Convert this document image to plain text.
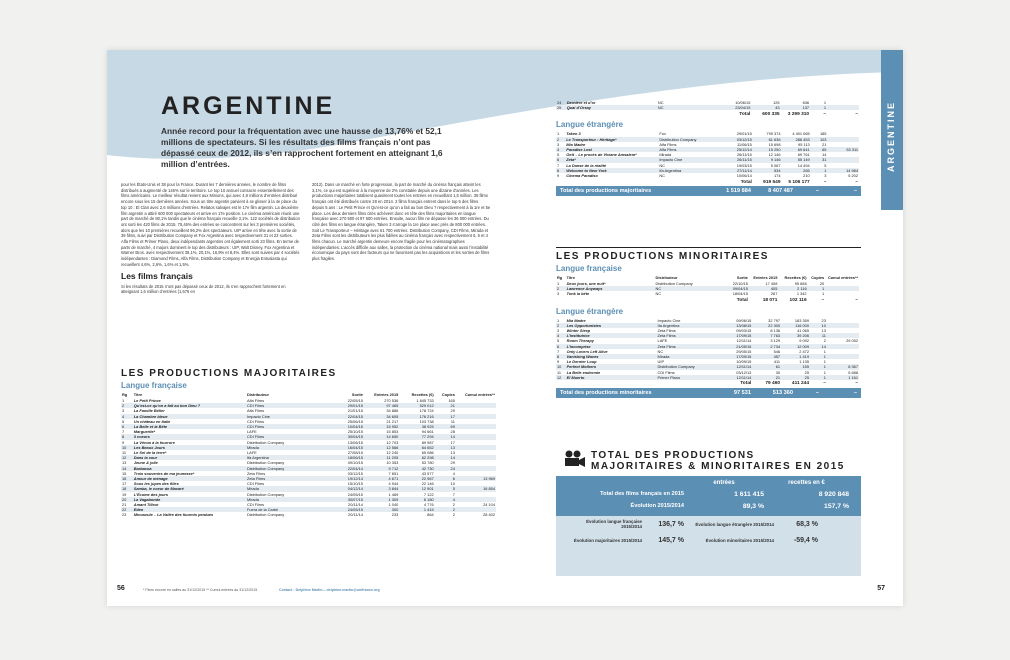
ARGENTINE

Année record pour la fréquentation avec une hausse de 13,76% et 52,1 millions de spectateurs. Si les résultats des films français n’ont pas dépassé ceux de 2012, ils s’en rapprochent fortement en atteignant 1,6 million d’entrées.

pour les États-Unis et 38 pour la France. Durant les 7 dernières années, le nombre de films distribués a augmenté de 146% sur le territoire. Le top 10 annuel consacre essentiellement des films américains. Le meilleur résultat revient aux Minions, qui avec 4,9 millions d’entrées distribué encore sous les 15 dernières années. Sous un titre argentin parvient à se glisser à la 4e place du top 10 : El Clan avec 2,6 millions d’entrées. Relatos salvajes est le 17e film argentin. La deuxième film argentin a attiré 600 000 spectateurs et arrive en 17e position. Le cinéma américain réunit une part de marché de 80,1% tandis que le cinéma français recueille 3,1%. 122 sociétés de distribution ont sorti les 420 films de 2015. 75,46% des entrées se concentrent sur les 3 premières sociétés, alors que les 10 premières recueillent 96,2% des spectateurs. UIP arrive en tête avec la sortie de 39 films, suivi par Distribution Company et Fox Argentina avec respectivement 31 et 23 sorties. Alfa Films et Primer Plano, deux indépendants argentins ont également sorti 23 films. En terme de parts de marché, 4 majors dominent le top des distributeurs : UIP, Walt Disney, Fox Argentina et Warner Bros. avec respectivement 39,1%, 20,1%, 16,9% et 8,4%. Elles sont suivies par 4 sociétés indépendantes : Diamond Films, Alfa Films, Distribution Company et Energia Entusiasta qui recueillent 4,6%, 2,6%, 1,6% et 1,5%.

Les films français

Si les résultats de 2015 n’ont pas dépassé ceux de 2012, ils s’en rapprochent fortement en atteignant 1,6 million d’entrées (1,676 en

2012). Dans un marché en forte progression, la part de marché du cinéma français atteint les 3,1%, ce qui est supérieur à la moyenne de 2% constatée depuis une dizaine d’années. Les productions majoritaires totalisent quasiment toutes les entrées en recueillant 1,5 million. 38 films français ont été distribués contre 28 en 2014. 2 films français entrent dans le top 5 des films depuis 5 ans : Le Petit Prince et Qu’est-ce qu’on a fait au bon Dieu ? respectivement à la 1re et 5e place. Les deux derniers films cités achèvent donc en tête des films majoritaires en langue française avec 270 500 et 97 600 entrées. Ensuite, aucun film ne dépasse les 36 000 entrées. Du côté des films en langue étrangère, Taken 3 s’arroge la 1re place avec près de 800 000 entrées. Soit Le Transporteur – Héritage avec 61 700 entrées. Distribution Company, CDI Films, Mirada et Zeta Films sont les distributeurs les plus fidèles au cinéma français avec respectivement 6, 5 et 4 films chacun. Le marché argentin demeure encore fragile pour les cinématographies indépendantes. L’accès difficile aux salles, la protection du cinéma national mais aussi l’instabilité économique du pays sont des facteurs qui ne favorisent pas les acquisitions et les sorties de films plus fragiles.

LES PRODUCTIONS MAJORITAIRES
Langue française
Rg	Titre	Distributeur	Sortie	Entrées 2015	Recettes (€)	Copies	Cumul entrées**
1	Le Petit Prince	Alfa Films	22/05/15	270 536	1 845 733	165	
2	Qu’est-ce qu’on a fait au bon Dieu ?	CDI Films	29/01/15	97 465	529 012	21	
3	La Famille Bélier	Alfa Films	21/01/15	34 886	178 724	29	
4	La Chambre bleue	Impacto Cine	22/04/15	34 605	176 216	17	
5	Un château en Italie	CDI Films	25/06/15	21 217	103 738	11	
6	La Belle et la Bête	CDI Films	10/04/15	15 952	38 925	69	
7	Marguerite*	LAFE	25/10/15	15 853	94 661	28	
8	3 coeurs	CDI Films	30/04/15	14 650	77 294	14	
9	La Vénus à la fourrure	Distribution Company	13/06/15	12 703	89 987	17	
10	Les Beaux Jours	Mirada	16/04/15	12 566	64 652	13	
11	Le Sel de la terre*	LAFE	27/08/15	12 240	65 086	13	
12	Dans la cour	Ifa Argentina	18/06/15	11 205	62 298	14	
13	Jeune & jolie	Distribution Company	09/10/15	10 353	53 780	29	
14	Barbacoa	Distribution Company	22/04/14	9 712	42 730	24	
15	Trois souvenirs de ma jeunesse*	Zeta Films	03/12/15	7 851	43 577	4	
16	Amour de ménage	Zeta Films	19/12/14	4 671	22 967	6	13 969
17	Sous les jupes des filles	CDI Films	15/10/15	4 944	22 146	10	
18	Samba, le coeur de Macaré	Mirada	04/12/14	3 844	12 901	5	16 854
19	L’Écume des jours	Distribution Company	24/05/15	1 469	7 122	7	
20	La Vagabonde	Mirada	30/07/15	1 309	6 180	4	
21	Amant Tilleur	CDI Films	20/11/14	1 040	4 776	2	24 104
22	Eden	Fuera de la Cartel	24/05/15	300	1 415	2	
23	Minuscule – La Vallée des fourmis perdues	Distribution Company	20/11/14	233	864	2	28 402
56	* Films encore en salles au 31/12/2015 ** Cumul entrées au 31/12/2015	Contact : Delphine Martin – delphine.martin@unifrance.org
ARGENTINE
24	Dernière et d’or	NC	10/06/15	125	636	1		
25	Quai d’Orsay	NC	23/04/15	43	137	1		
			Total	600 335	3 299 310	–	–	
Langue étrangère
1	Taken 3	Fox	29/01/15	799 374	4 401 065	185		
2	Le Transporteur : Héritage*	Distribution Company	03/12/15	61 636	288 453	103		
3	Mia Madre	Alfa Films	11/06/15	15 698	95 113	21		
4	Paradise Lost	Alfa Films	25/12/14	15 250	69 641	65	53 311	
5	Gett – Le procès de Viviane Amsalem*	Mirada	26/11/15	12 146	69 761	14		
6	Zeta*	Impacto Cine	26/11/15	9 146	55 149	31		
7	La Danse de la réalité	NC	19/03/15	5 067	14 494	5		
8	Welcome to New York	Ifa Argentina	27/11/14	534	265	1	14 984	
9	Cinema Paradiso	NC	10/06/14	174	210	3	5 202	
			Total	919 549	5 106 177	–	–	
Total des productions majoritaires	1 519 884	8 407 487	–	–
LES PRODUCTIONS MINORITAIRES
Langue française
Rg	Titre	Distributeur	Sortie	Entrées 2015	Recettes (€)	Copies	Cumul entrées**	
1	Deux jours, une nuit*	Distribution Company	22/10/15	17 408	95 658	20		
2	Lawrence Anyways	NC	09/04/15	405	2 116	1		
3	Tonk la bête	NC	18/04/15	267	1 342	1		
			Total	18 071	102 116	–	–	
Langue étrangère
1	Mia Madre	Impacto Cine	09/06/15	32 797	163 359	23		
2	Les Opportunistes	Ifa Argentina	13/08/15	22 300	116 000	10		
3	Winter Sleep	Zeta Films	09/03/15	8 136	41 065	13		
4	L’Institutrice	Zeta Films	17/09/15	7 763	39 206	11		
5	Room Therapy	LAFE	12/11/14	3 129	9 092	2	29 052	
6	L’Incomprise	Zeta Films	21/05/15	2 734	12 009	14		
7	Only Lovers Left Alive	NC	29/05/15	546	2 472	1		
8	Vanishing Waves	Mirada	17/09/15	457	1 419	1		
9	Le Dernier Loup	UIP	10/09/15	411	1 135	1		
10	Perfect Mothers	Distribution Company	12/11/14	61	155	1	8 367	
11	La Belle endormie	CDI Films	03/12/13	30	25	1	5 688	
12	El Muerto	Primer Plano	12/11/14	21	25	1	1 161	
			Total	79 460	411 244	–	–	
Total des productions minoritaires	97 531	513 360	–	–
TOTAL DES PRODUCTIONS
MAJORITAIRES & MINORITAIRES EN 2015
entrées	recettes en €
Total des films français en 2015	1 611 415	8 920 848
Évolution 2015/2014	89,3 %	157,7 %
Évolution langue française 2015/2014	136,7 %	Évolution langue étrangère 2015/2014	68,3 %
Évolution majoritaires 2015/2014	145,7 %	Évolution minoritaires 2015/2014	-59,4 %
57
